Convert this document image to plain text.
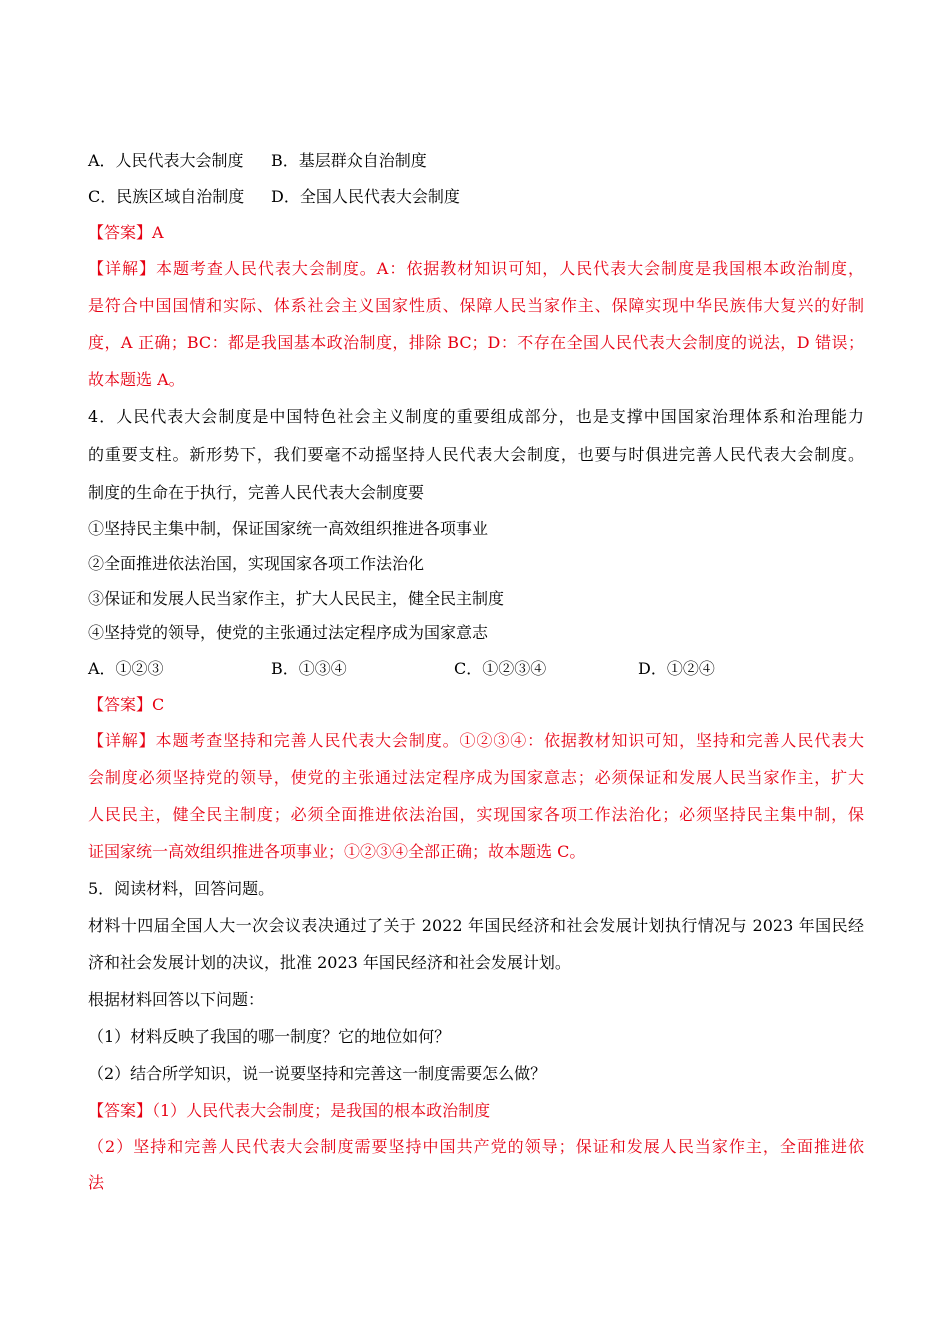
A．人民代表大会制度 B．基层群众自治制度
C．民族区域自治制度 D．全国人民代表大会制度
【答案】A
【详解】本题考查人民代表大会制度。A：依据教材知识可知，人民代表大会制度是我国根本政治制度，
是符合中国国情和实际、体系社会主义国家性质、保障人民当家作主、保障实现中华民族伟大复兴的好制
度，A 正确；BC：都是我国基本政治制度，排除 BC；D：不存在全国人民代表大会制度的说法，D 错误；
故本题选 A。
4．人民代表大会制度是中国特色社会主义制度的重要组成部分，也是支撑中国国家治理体系和治理能力
的重要支柱。新形势下，我们要毫不动摇坚持人民代表大会制度，也要与时俱进完善人民代表大会制度。
制度的生命在于执行，完善人民代表大会制度要
①坚持民主集中制，保证国家统一高效组织推进各项事业
②全面推进依法治国，实现国家各项工作法治化
③保证和发展人民当家作主，扩大人民民主，健全民主制度
④坚持党的领导，使党的主张通过法定程序成为国家意志
A．①②③	B．①③④	C．①②③④	D．①②④
【答案】C
【详解】本题考查坚持和完善人民代表大会制度。①②③④：依据教材知识可知，坚持和完善人民代表大
会制度必须坚持党的领导，使党的主张通过法定程序成为国家意志；必须保证和发展人民当家作主，扩大
人民民主，健全民主制度；必须全面推进依法治国，实现国家各项工作法治化；必须坚持民主集中制，保
证国家统一高效组织推进各项事业；①②③④全部正确；故本题选 C。
5．阅读材料，回答问题。
材料十四届全国人大一次会议表决通过了关于 2022 年国民经济和社会发展计划执行情况与 2023 年国民经
济和社会发展计划的决议，批准 2023 年国民经济和社会发展计划。
根据材料回答以下问题：
（1）材料反映了我国的哪一制度？它的地位如何？
（2）结合所学知识，说一说要坚持和完善这一制度需要怎么做？
【答案】（1）人民代表大会制度；是我国的根本政治制度
（2）坚持和完善人民代表大会制度需要坚持中国共产党的领导；保证和发展人民当家作主，全面推进依
法
